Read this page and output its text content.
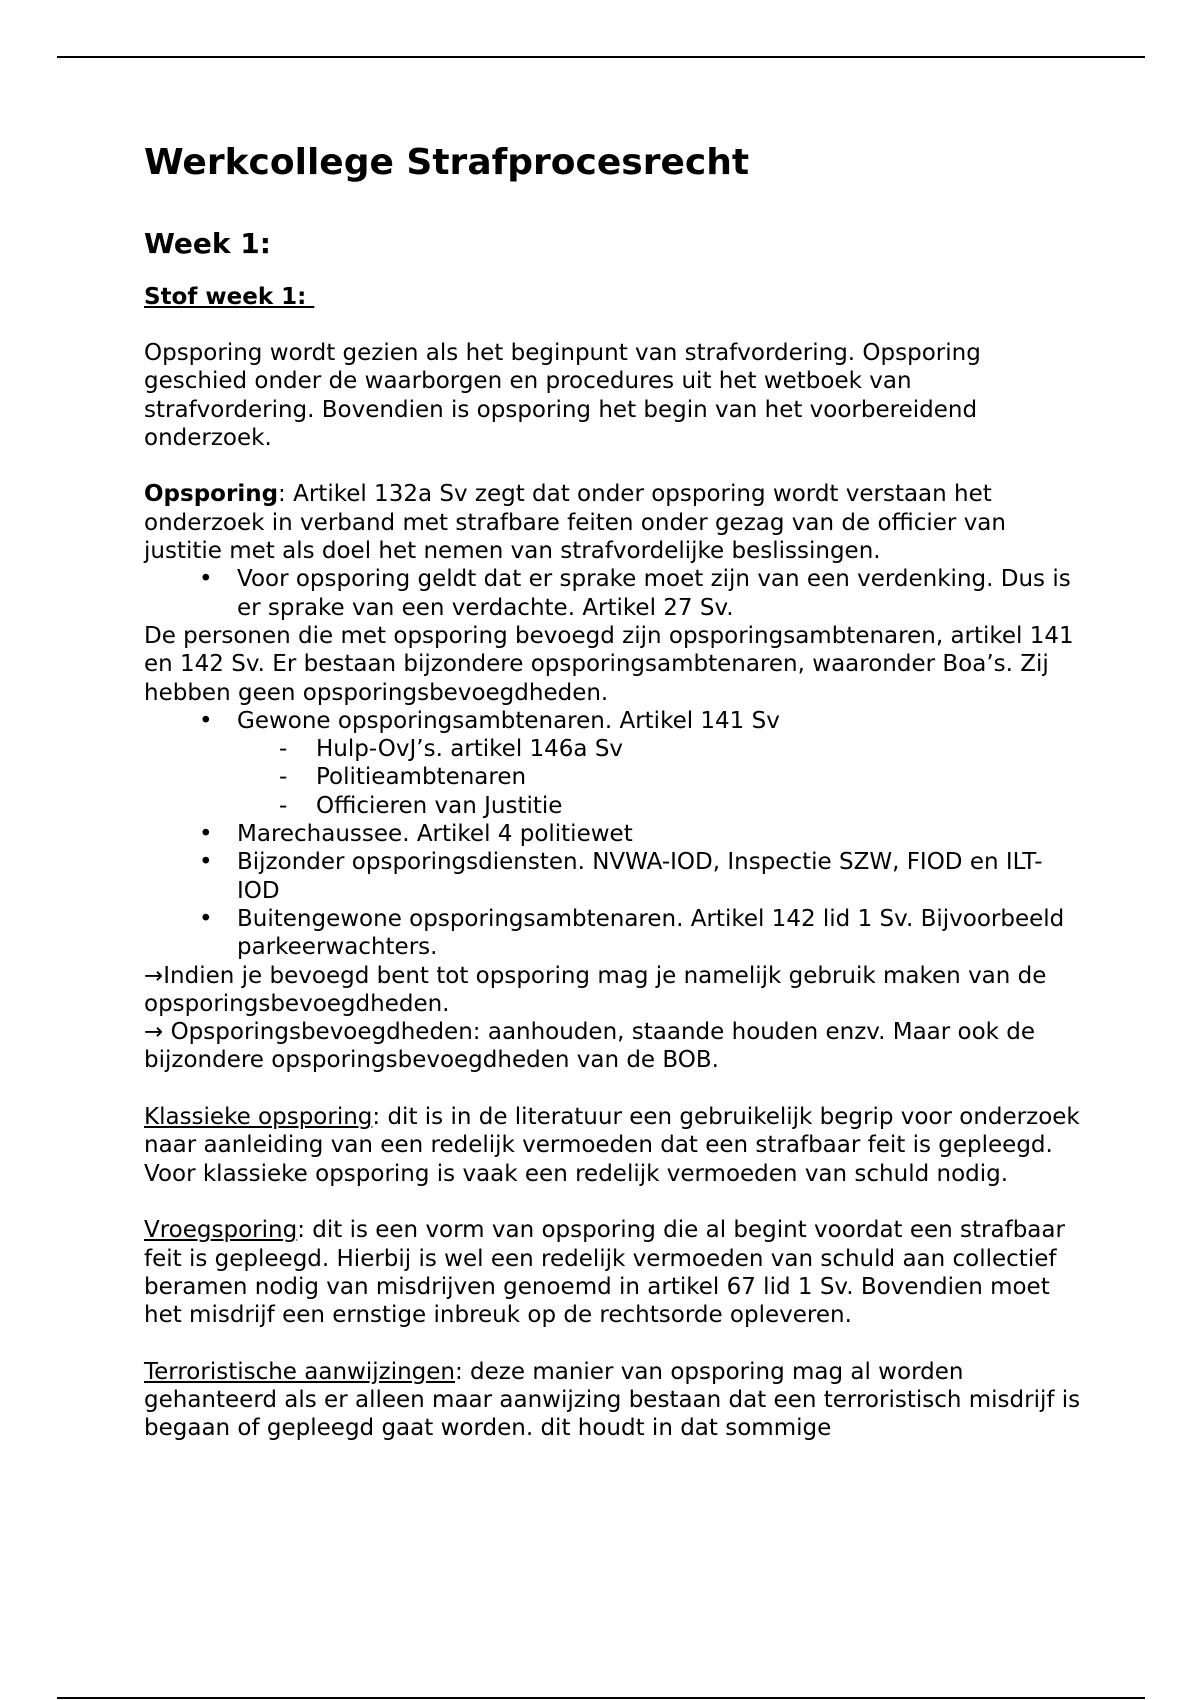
Werkcollege Strafprocesrecht
Week 1:
Stof week 1:

Opsporing wordt gezien als het beginpunt van strafvordering. Opsporing geschied onder de waarborgen en procedures uit het wetboek van strafvordering. Bovendien is opsporing het begin van het voorbereidend onderzoek.

Opsporing: Artikel 132a Sv zegt dat onder opsporing wordt verstaan het onderzoek in verband met strafbare feiten onder gezag van de officier van justitie met als doel het nemen van strafvordelijke beslissingen.

• Voor opsporing geldt dat er sprake moet zijn van een verdenking. Dus is er sprake van een verdachte. Artikel 27 Sv.

De personen die met opsporing bevoegd zijn opsporingsambtenaren, artikel 141 en 142 Sv. Er bestaan bijzondere opsporingsambtenaren, waaronder Boa’s. Zij hebben geen opsporingsbevoegdheden.

• Gewone opsporingsambtenaren. Artikel 141 Sv
- Hulp-OvJ’s. artikel 146a Sv
- Politieambtenaren
- Officieren van Justitie
• Marechaussee. Artikel 4 politiewet
• Bijzonder opsporingsdiensten. NVWA-IOD, Inspectie SZW, FIOD en ILT-IOD
• Buitengewone opsporingsambtenaren. Artikel 142 lid 1 Sv. Bijvoorbeeld parkeerwachters.

→Indien je bevoegd bent tot opsporing mag je namelijk gebruik maken van de opsporingsbevoegdheden.

→ Opsporingsbevoegdheden: aanhouden, staande houden enzv. Maar ook de bijzondere opsporingsbevoegdheden van de BOB.

Klassieke opsporing: dit is in de literatuur een gebruikelijk begrip voor onderzoek naar aanleiding van een redelijk vermoeden dat een strafbaar feit is gepleegd. Voor klassieke opsporing is vaak een redelijk vermoeden van schuld nodig.

Vroegsporing: dit is een vorm van opsporing die al begint voordat een strafbaar feit is gepleegd. Hierbij is wel een redelijk vermoeden van schuld aan collectief beramen nodig van misdrijven genoemd in artikel 67 lid 1 Sv. Bovendien moet het misdrijf een ernstige inbreuk op de rechtsorde opleveren.

Terroristische aanwijzingen: deze manier van opsporing mag al worden gehanteerd als er alleen maar aanwijzing bestaan dat een terroristisch misdrijf is begaan of gepleegd gaat worden. dit houdt in dat sommige
